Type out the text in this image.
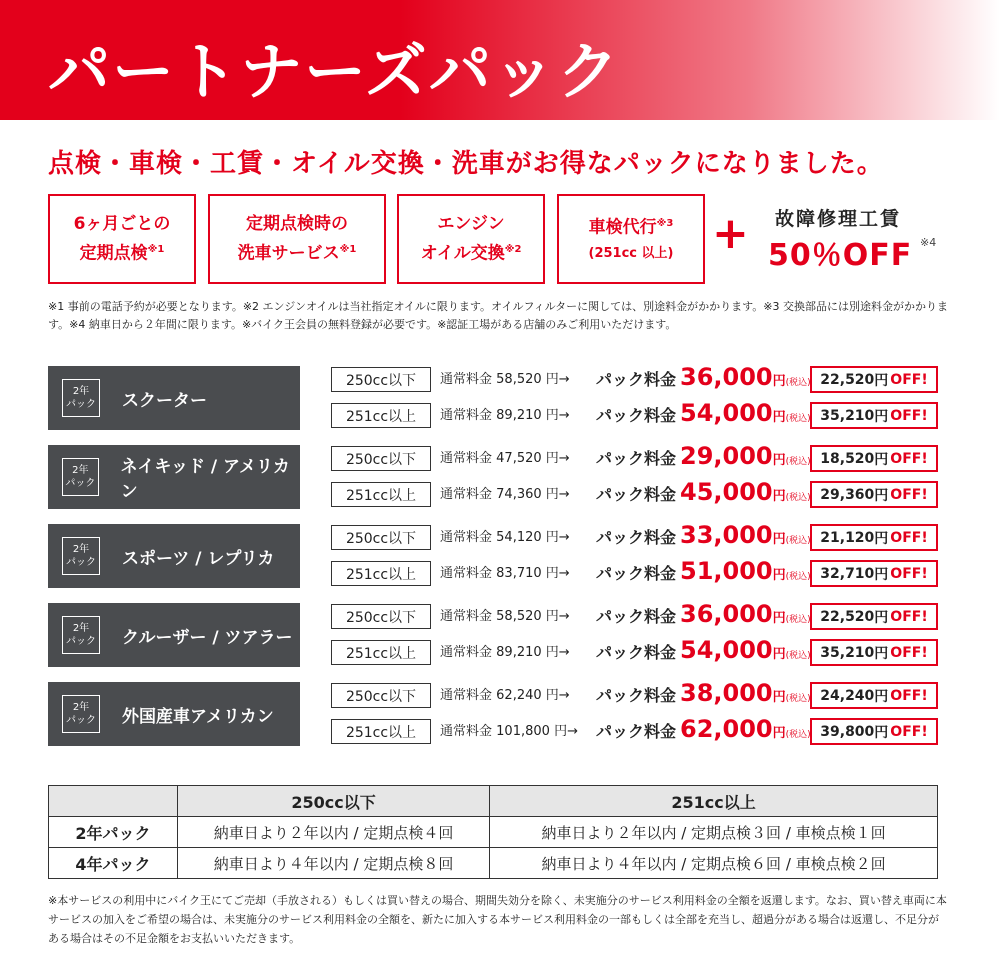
パートナーズパック
点検・車検・工賃・オイル交換・洗車がお得なパックになりました。
6ヶ月ごとの
定期点検$^{※1}$
定期点検時の
洗車サービス$^{※1}$
エンジン
オイル交換$^{※2}$
車検代行$^{※3}$
(251cc 以上) + 故障修理工賃
50％OFF ※4
※1 事前の電話予約が必要となります。※2 エンジンオイルは当社指定オイルに限ります。オイルフィルターに関しては、別途料金がかかります。※3 交換部品には別途料金がかかります。※4 納車日から２年間に限ります。※バイク王会員の無料登録が必要です。※認証工場がある店舗のみご利用いただけます。
2年
パック スクーター
250cc以下	通常料金 58,520 円→ パック料金 36,000円(税込) 22,520 円 OFF!
251cc以上	通常料金 89,210 円→ パック料金 54,000円(税込) 35,210 円 OFF!
2年
パック
ネイキッド / アメリカン
250cc以下	通常料金 47,520 円→ パック料金 29,000円(税込) 18,520 円 OFF!
251cc以上	通常料金 74,360 円→ パック料金 45,000円(税込) 29,360 円 OFF!
2年
パック スポーツ / レプリカ
250cc以下	通常料金 54,120 円→ パック料金 33,000円(税込) 21,120 円 OFF!
251cc以上	通常料金 83,710 円→ パック料金 51,000円(税込) 32,710 円 OFF!
2年
パック クルーザー / ツアラー
250cc以下	通常料金 58,520 円→ パック料金 36,000円(税込) 22,520 円 OFF!
251cc以上	通常料金 89,210 円→ パック料金 54,000円(税込) 35,210 円 OFF!
2年
パック 外国産車アメリカン
250cc以下	通常料金 62,240 円→ パック料金 38,000円(税込) 24,240 円 OFF!
251cc以上	通常料金 101,800 円→ パック料金 62,000円(税込) 39,800 円 OFF!
	250cc以下	251cc以上
2年パック	納車日より２年以内 / 定期点検４回	納車日より２年以内 / 定期点検３回 / 車検点検１回
4年パック	納車日より４年以内 / 定期点検８回	納車日より４年以内 / 定期点検６回 / 車検点検２回
※本サービスの利用中にバイク王にてご売却（手放される）もしくは買い替えの場合、期間失効分を除く、未実施分のサービス利用料金の全額を返還します。なお、買い替え車両に本サービスの加入をご希望の場合は、未実施分のサービス利用料金の全額を、新たに加入する本サービス利用料金の一部もしくは全部を充当し、超過分がある場合は返還し、不足分がある場合はその不足金額をお支払いいただきます。
